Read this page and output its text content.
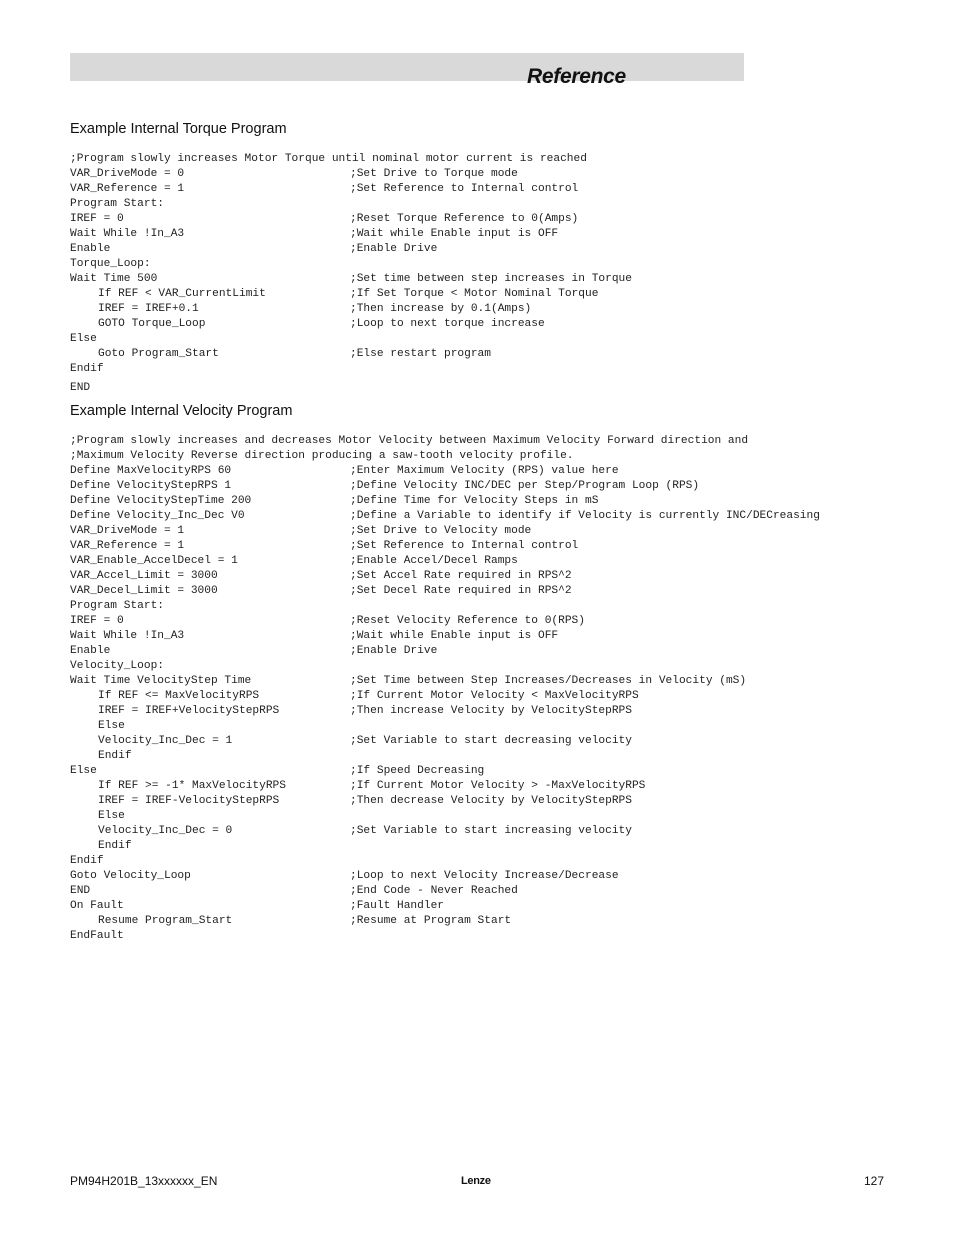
Reference
Example Internal Torque Program
;Program slowly increases Motor Torque until nominal motor current is reached
VAR_DriveMode = 0	;Set Drive to Torque mode
VAR_Reference = 1	;Set Reference to Internal control
Program Start:
IREF = 0	;Reset Torque Reference to 0(Amps)
Wait While !In_A3	;Wait while Enable input is OFF
Enable	;Enable Drive
Torque_Loop:
Wait Time 500	;Set time between step increases in Torque
If REF < VAR_CurrentLimit	;If Set Torque < Motor Nominal Torque
IREF = IREF+0.1	;Then increase by 0.1(Amps)
GOTO Torque_Loop	;Loop to next torque increase
Else
Goto Program_Start	;Else restart program
Endif
END
Example Internal Velocity Program
;Program slowly increases and decreases Motor Velocity between Maximum Velocity Forward direction and
;Maximum Velocity Reverse direction producing a saw-tooth velocity profile.
Define MaxVelocityRPS 60	;Enter Maximum Velocity (RPS) value here
Define VelocityStepRPS 1	;Define Velocity INC/DEC per Step/Program Loop (RPS)
Define VelocityStepTime 200	;Define Time for Velocity Steps in mS
Define Velocity_Inc_Dec V0	;Define a Variable to identify if Velocity is currently INC/DECreasing
VAR_DriveMode = 1	;Set Drive to Velocity mode
VAR_Reference = 1	;Set Reference to Internal control
VAR_Enable_AccelDecel = 1	;Enable Accel/Decel Ramps
VAR_Accel_Limit = 3000	;Set Accel Rate required in RPS^2
VAR_Decel_Limit = 3000	;Set Decel Rate required in RPS^2
Program Start:
IREF = 0	;Reset Velocity Reference to 0(RPS)
Wait While !In_A3	;Wait while Enable input is OFF
Enable	;Enable Drive
Velocity_Loop:
Wait Time VelocityStep Time	;Set Time between Step Increases/Decreases in Velocity (mS)
If REF <= MaxVelocityRPS	;If Current Motor Velocity < MaxVelocityRPS
IREF = IREF+VelocityStepRPS	;Then increase Velocity by VelocityStepRPS
Else
Velocity_Inc_Dec = 1	;Set Variable to start decreasing velocity
Endif
Else	;If Speed Decreasing
If REF >= -1* MaxVelocityRPS	;If Current Motor Velocity > -MaxVelocityRPS
IREF = IREF-VelocityStepRPS	;Then decrease Velocity by VelocityStepRPS
Else
Velocity_Inc_Dec = 0	;Set Variable to start increasing velocity
Endif
Endif
Goto Velocity_Loop	;Loop to next Velocity Increase/Decrease
END	;End Code - Never Reached
On Fault	;Fault Handler
Resume Program_Start	;Resume at Program Start
EndFault
PM94H201B_13xxxxxx_EN	Lenze	127
